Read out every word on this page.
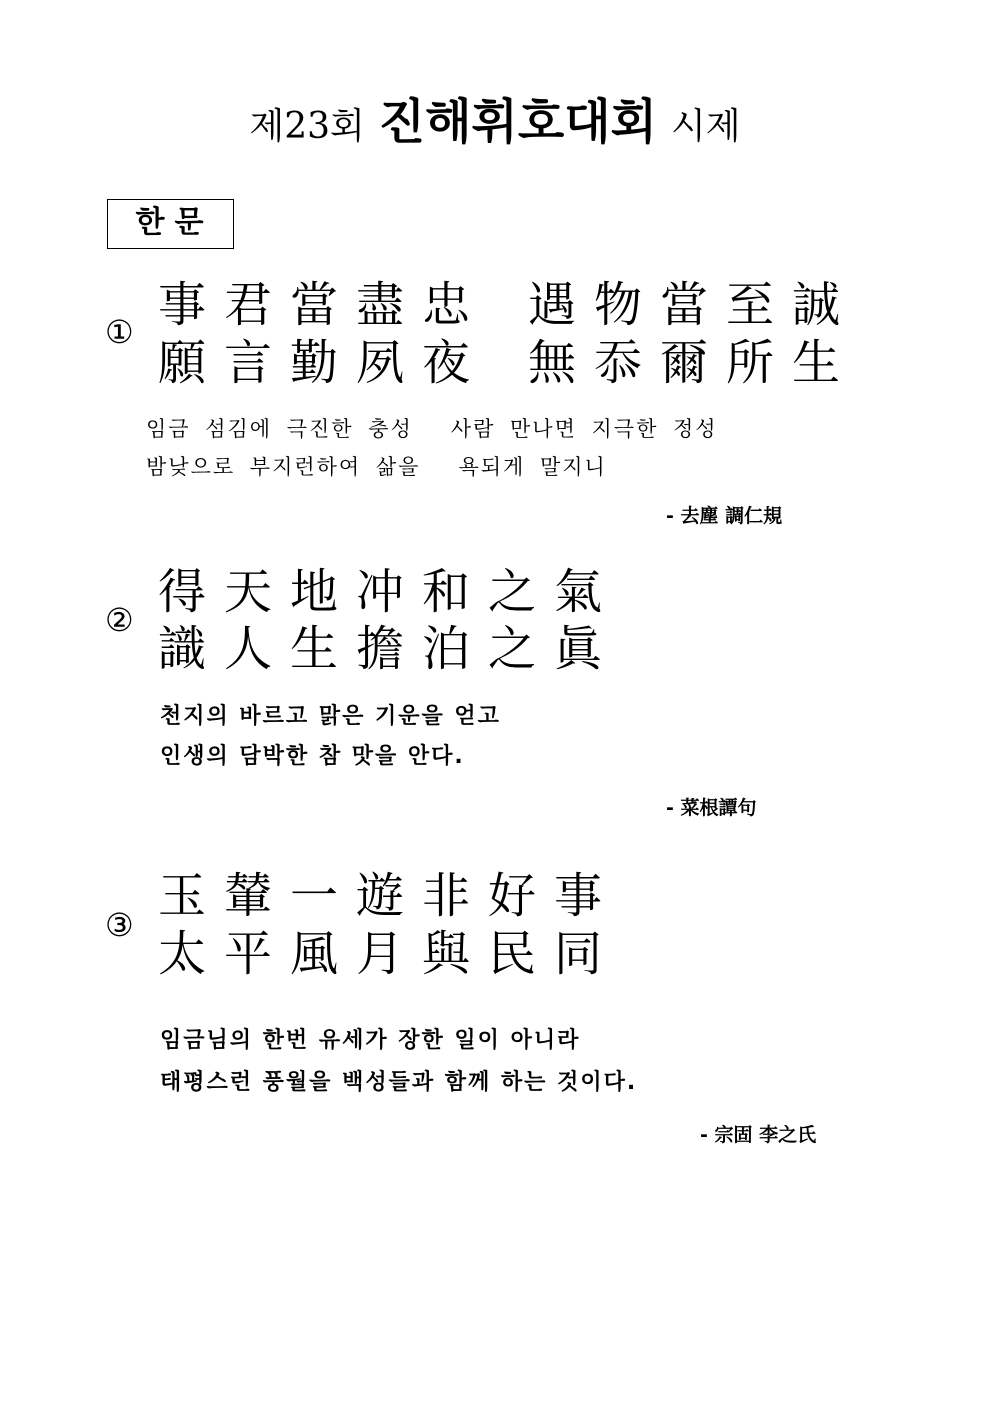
제23회 진해휘호대회 시제
한문
① 事君當盡忠 遇物當至誠
願言勤夙夜 無忝爾所生
임금 섬김에 극진한 충성 사람 만나면 지극한 정성
밤낮으로 부지런하여 삶을 욕되게 말지니
- 去塵 調仁規
② 得天地冲和之氣
識人生擔泊之眞
천지의 바르고 맑은 기운을 얻고
인생의 담박한 참 맛을 안다.
- 菜根譚句
③
玉輦一遊非好事
太平風月與民同
임금님의 한번 유세가 장한 일이 아니라
태평스런 풍월을 백성들과 함께 하는 것이다.
- 宗固 李之氏
